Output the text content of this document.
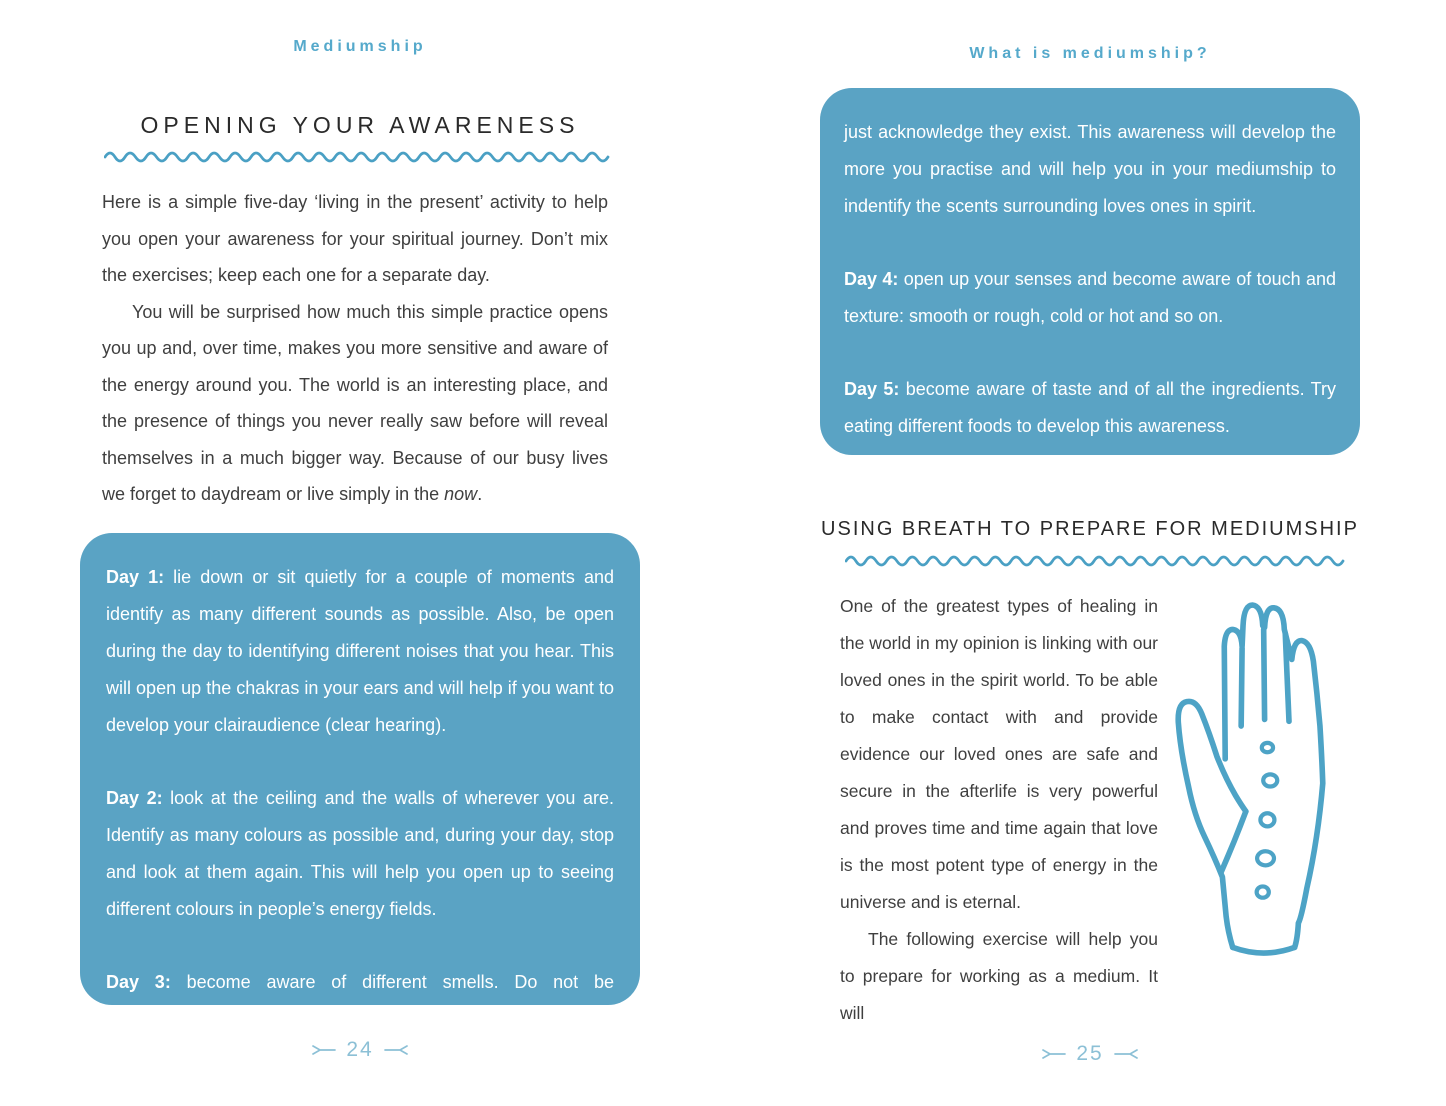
Mediumship
OPENING YOUR AWARENESS

Here is a simple five-day ‘living in the present’ activity to help you open your awareness for your spiritual journey. Don’t mix the exercises; keep each one for a separate day.

You will be surprised how much this simple practice opens you up and, over time, makes you more sensitive and aware of the energy around you. The world is an interesting place, and the presence of things you never really saw before will reveal themselves in a much bigger way. Because of our busy lives we forget to daydream or live simply in the now.

Day 1: lie down or sit quietly for a couple of moments and identify as many different sounds as possible. Also, be open during the day to identifying different noises that you hear. This will open up the chakras in your ears and will help if you want to develop your clairaudience (clear hearing).

Day 2: look at the ceiling and the walls of wherever you are. Identify as many colours as possible and, during your day, stop and look at them again. This will help you open up to seeing different colours in people’s energy fields.

Day 3: become aware of different smells. Do not be judgemental;

24
What is mediumship?

just acknowledge they exist. This awareness will develop the more you practise and will help you in your mediumship to indentify the scents surrounding loves ones in spirit.

Day 4: open up your senses and become aware of touch and texture: smooth or rough, cold or hot and so on.

Day 5: become aware of taste and of all the ingredients. Try eating different foods to develop this awareness.

USING BREATH TO PREPARE FOR MEDIUMSHIP

One of the greatest types of healing in the world in my opinion is linking with our loved ones in the spirit world. To be able to make contact with and provide evidence our loved ones are safe and secure in the afterlife is very powerful and proves time and time again that love is the most potent type of energy in the universe and is eternal.

The following exercise will help you to prepare for working as a medium. It will

25
